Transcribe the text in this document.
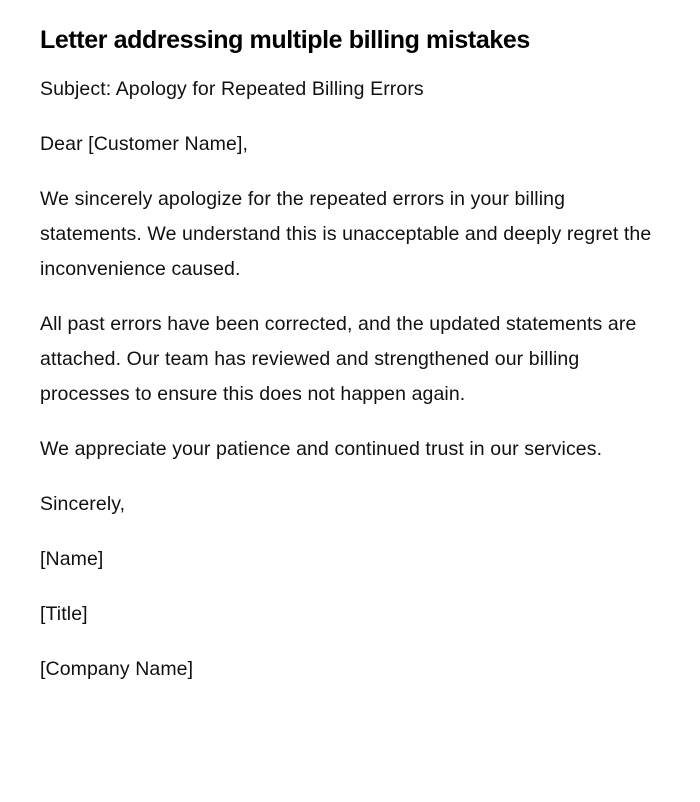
Letter addressing multiple billing mistakes

Subject: Apology for Repeated Billing Errors

Dear [Customer Name],

We sincerely apologize for the repeated errors in your billing statements. We understand this is unacceptable and deeply regret the inconvenience caused.

All past errors have been corrected, and the updated statements are attached. Our team has reviewed and strengthened our billing processes to ensure this does not happen again.

We appreciate your patience and continued trust in our services.

Sincerely,

[Name]

[Title]

[Company Name]
